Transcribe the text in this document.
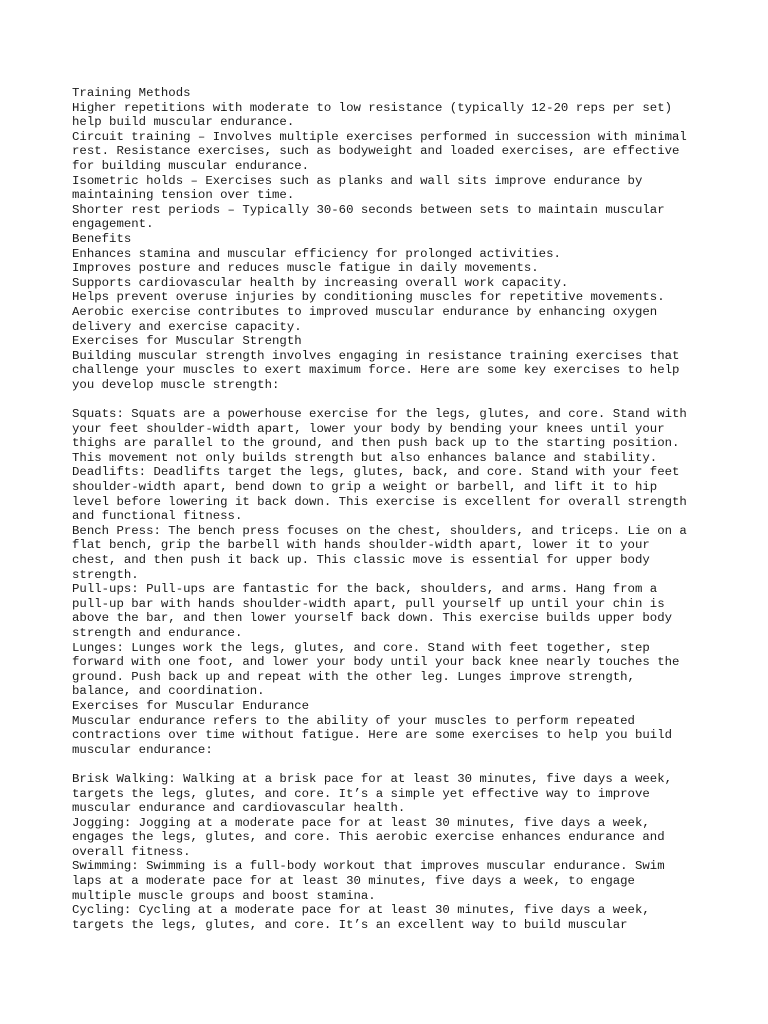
Training Methods
Higher repetitions with moderate to low resistance (typically 12-20 reps per set)
help build muscular endurance.
Circuit training – Involves multiple exercises performed in succession with minimal
rest. Resistance exercises, such as bodyweight and loaded exercises, are effective
for building muscular endurance.
Isometric holds – Exercises such as planks and wall sits improve endurance by
maintaining tension over time.
Shorter rest periods – Typically 30-60 seconds between sets to maintain muscular
engagement.
Benefits
Enhances stamina and muscular efficiency for prolonged activities.
Improves posture and reduces muscle fatigue in daily movements.
Supports cardiovascular health by increasing overall work capacity.
Helps prevent overuse injuries by conditioning muscles for repetitive movements.
Aerobic exercise contributes to improved muscular endurance by enhancing oxygen
delivery and exercise capacity.
Exercises for Muscular Strength
Building muscular strength involves engaging in resistance training exercises that
challenge your muscles to exert maximum force. Here are some key exercises to help
you develop muscle strength:
Squats: Squats are a powerhouse exercise for the legs, glutes, and core. Stand with
your feet shoulder-width apart, lower your body by bending your knees until your
thighs are parallel to the ground, and then push back up to the starting position.
This movement not only builds strength but also enhances balance and stability.
Deadlifts: Deadlifts target the legs, glutes, back, and core. Stand with your feet
shoulder-width apart, bend down to grip a weight or barbell, and lift it to hip
level before lowering it back down. This exercise is excellent for overall strength
and functional fitness.
Bench Press: The bench press focuses on the chest, shoulders, and triceps. Lie on a
flat bench, grip the barbell with hands shoulder-width apart, lower it to your
chest, and then push it back up. This classic move is essential for upper body
strength.
Pull-ups: Pull-ups are fantastic for the back, shoulders, and arms. Hang from a
pull-up bar with hands shoulder-width apart, pull yourself up until your chin is
above the bar, and then lower yourself back down. This exercise builds upper body
strength and endurance.
Lunges: Lunges work the legs, glutes, and core. Stand with feet together, step
forward with one foot, and lower your body until your back knee nearly touches the
ground. Push back up and repeat with the other leg. Lunges improve strength,
balance, and coordination.
Exercises for Muscular Endurance
Muscular endurance refers to the ability of your muscles to perform repeated
contractions over time without fatigue. Here are some exercises to help you build
muscular endurance:
Brisk Walking: Walking at a brisk pace for at least 30 minutes, five days a week,
targets the legs, glutes, and core. It’s a simple yet effective way to improve
muscular endurance and cardiovascular health.
Jogging: Jogging at a moderate pace for at least 30 minutes, five days a week,
engages the legs, glutes, and core. This aerobic exercise enhances endurance and
overall fitness.
Swimming: Swimming is a full-body workout that improves muscular endurance. Swim
laps at a moderate pace for at least 30 minutes, five days a week, to engage
multiple muscle groups and boost stamina.
Cycling: Cycling at a moderate pace for at least 30 minutes, five days a week,
targets the legs, glutes, and core. It’s an excellent way to build muscular
